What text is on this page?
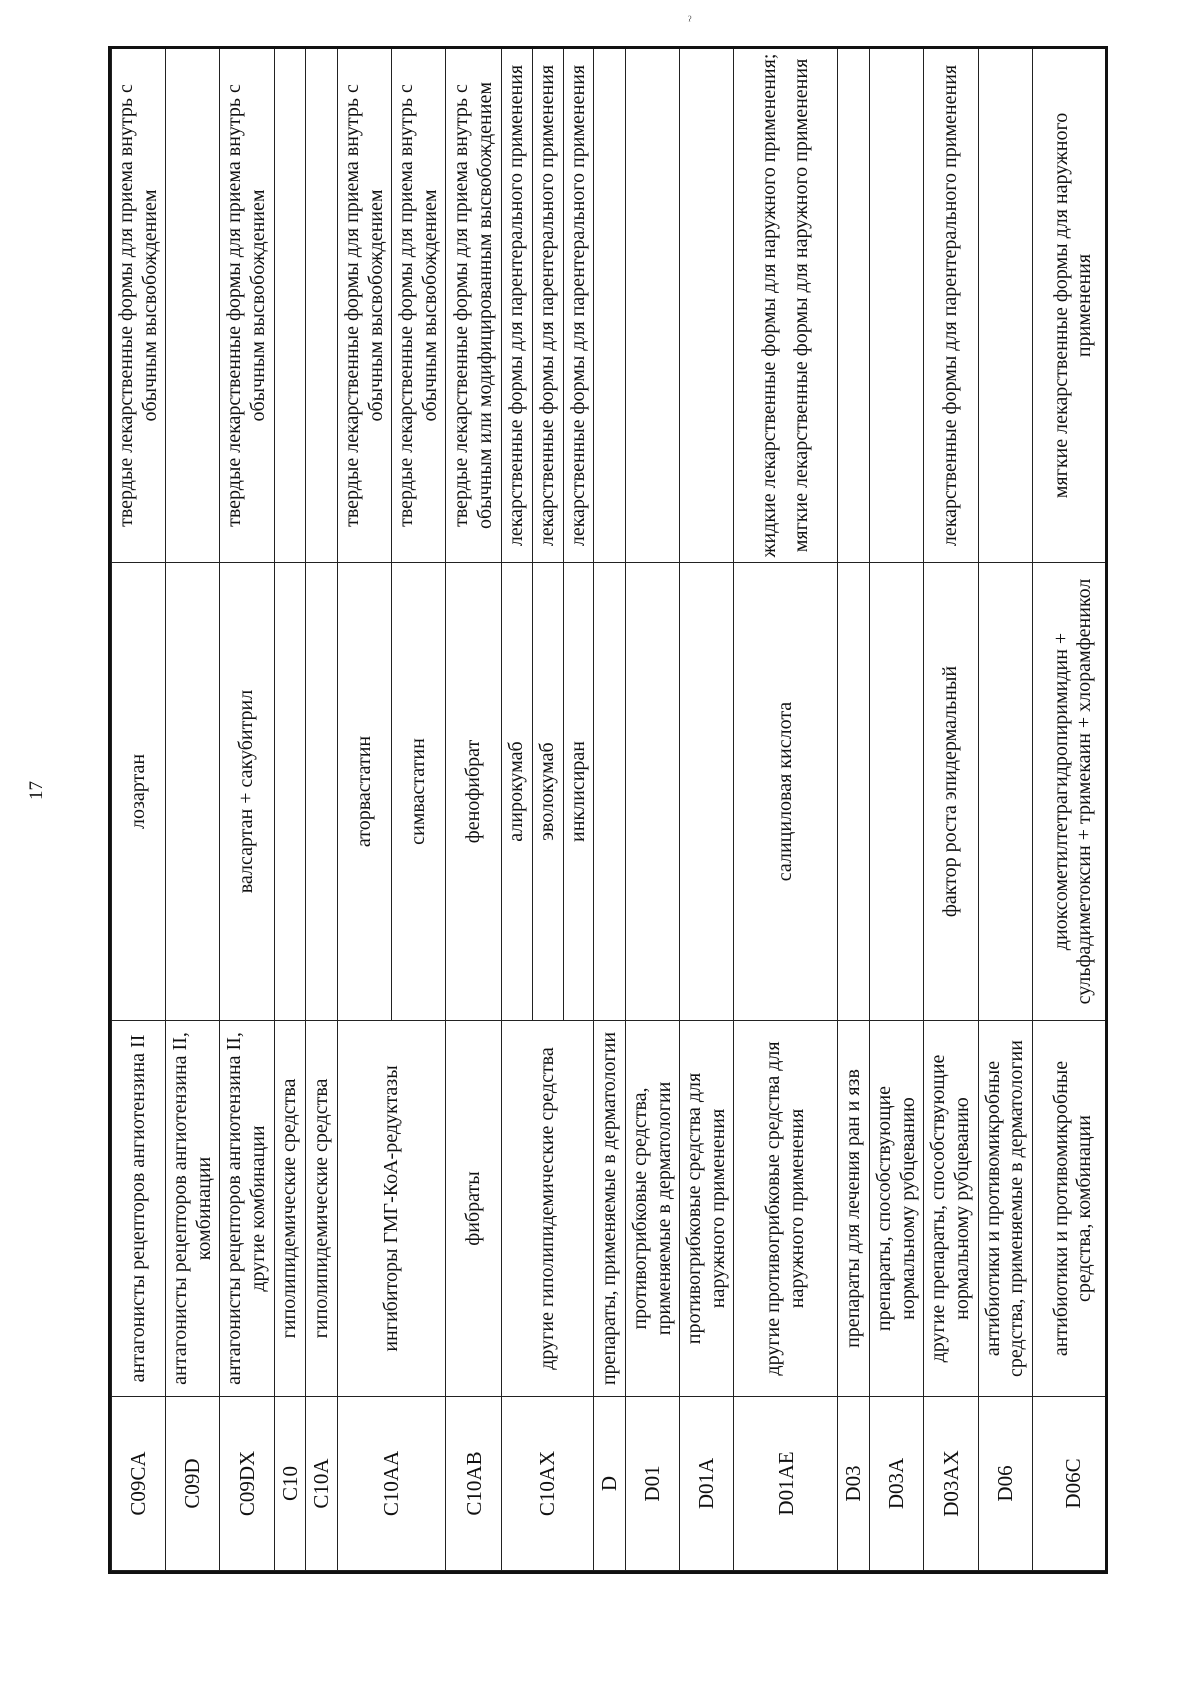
17
ˀ
C09CA	антагонисты рецепторов ангиотензина II	лозартан	твердые лекарственные формы для приема внутрь с обычным высвобождением
C09D	антагонисты рецепторов ангиотензина II, комбинации		
C09DX	антагонисты рецепторов ангиотензина II, другие комбинации	валсартан + сакубитрил	твердые лекарственные формы для приема внутрь с обычным высвобождением
С10	гиполипидемические средства		
C10A	гиполипидемические средства		
C10AA	ингибиторы ГМГ-КоА-редуктазы	аторвастатин	твердые лекарственные формы для приема внутрь с обычным высвобождением
		симвастатин	твердые лекарственные формы для приема внутрь с обычным высвобождением

C10AB	фибраты	фенофибрат	твердые лекарственные формы для приема внутрь с обычным или модифицированным высвобождением
C10AX	другие гиполипидемические средства	алирокумаб	лекарственные формы для парентерального применения
		эволокумаб	лекарственные формы для парентерального применения
		инклисиран	лекарственные формы для парентерального применения
D	препараты, применяемые в дерматологии		
D01	противогрибковые средства, применяемые в дерматологии		
D01A	противогрибковые средства для наружного применения		
D01AE	другие противогрибковые средства для наружного применения	салициловая кислота	жидкие лекарственные формы для наружного применения; мягкие лекарственные формы для наружного применения

D03	препараты для лечения ран и язв		
D03A	препараты, способствующие нормальному рубцеванию		
D03AX	другие препараты, способствующие нормальному рубцеванию	фактор роста эпидермальный	лекарственные формы для парентерального применения
D06	антибиотики и противомикробные средства, применяемые в дерматологии		
D06C	антибиотики и противомикробные средства, комбинации	диоксометилтетрагидропиримидин + сульфадиметоксин + тримекаин + хлорамфеникол	мягкие лекарственные формы для наружного применения
